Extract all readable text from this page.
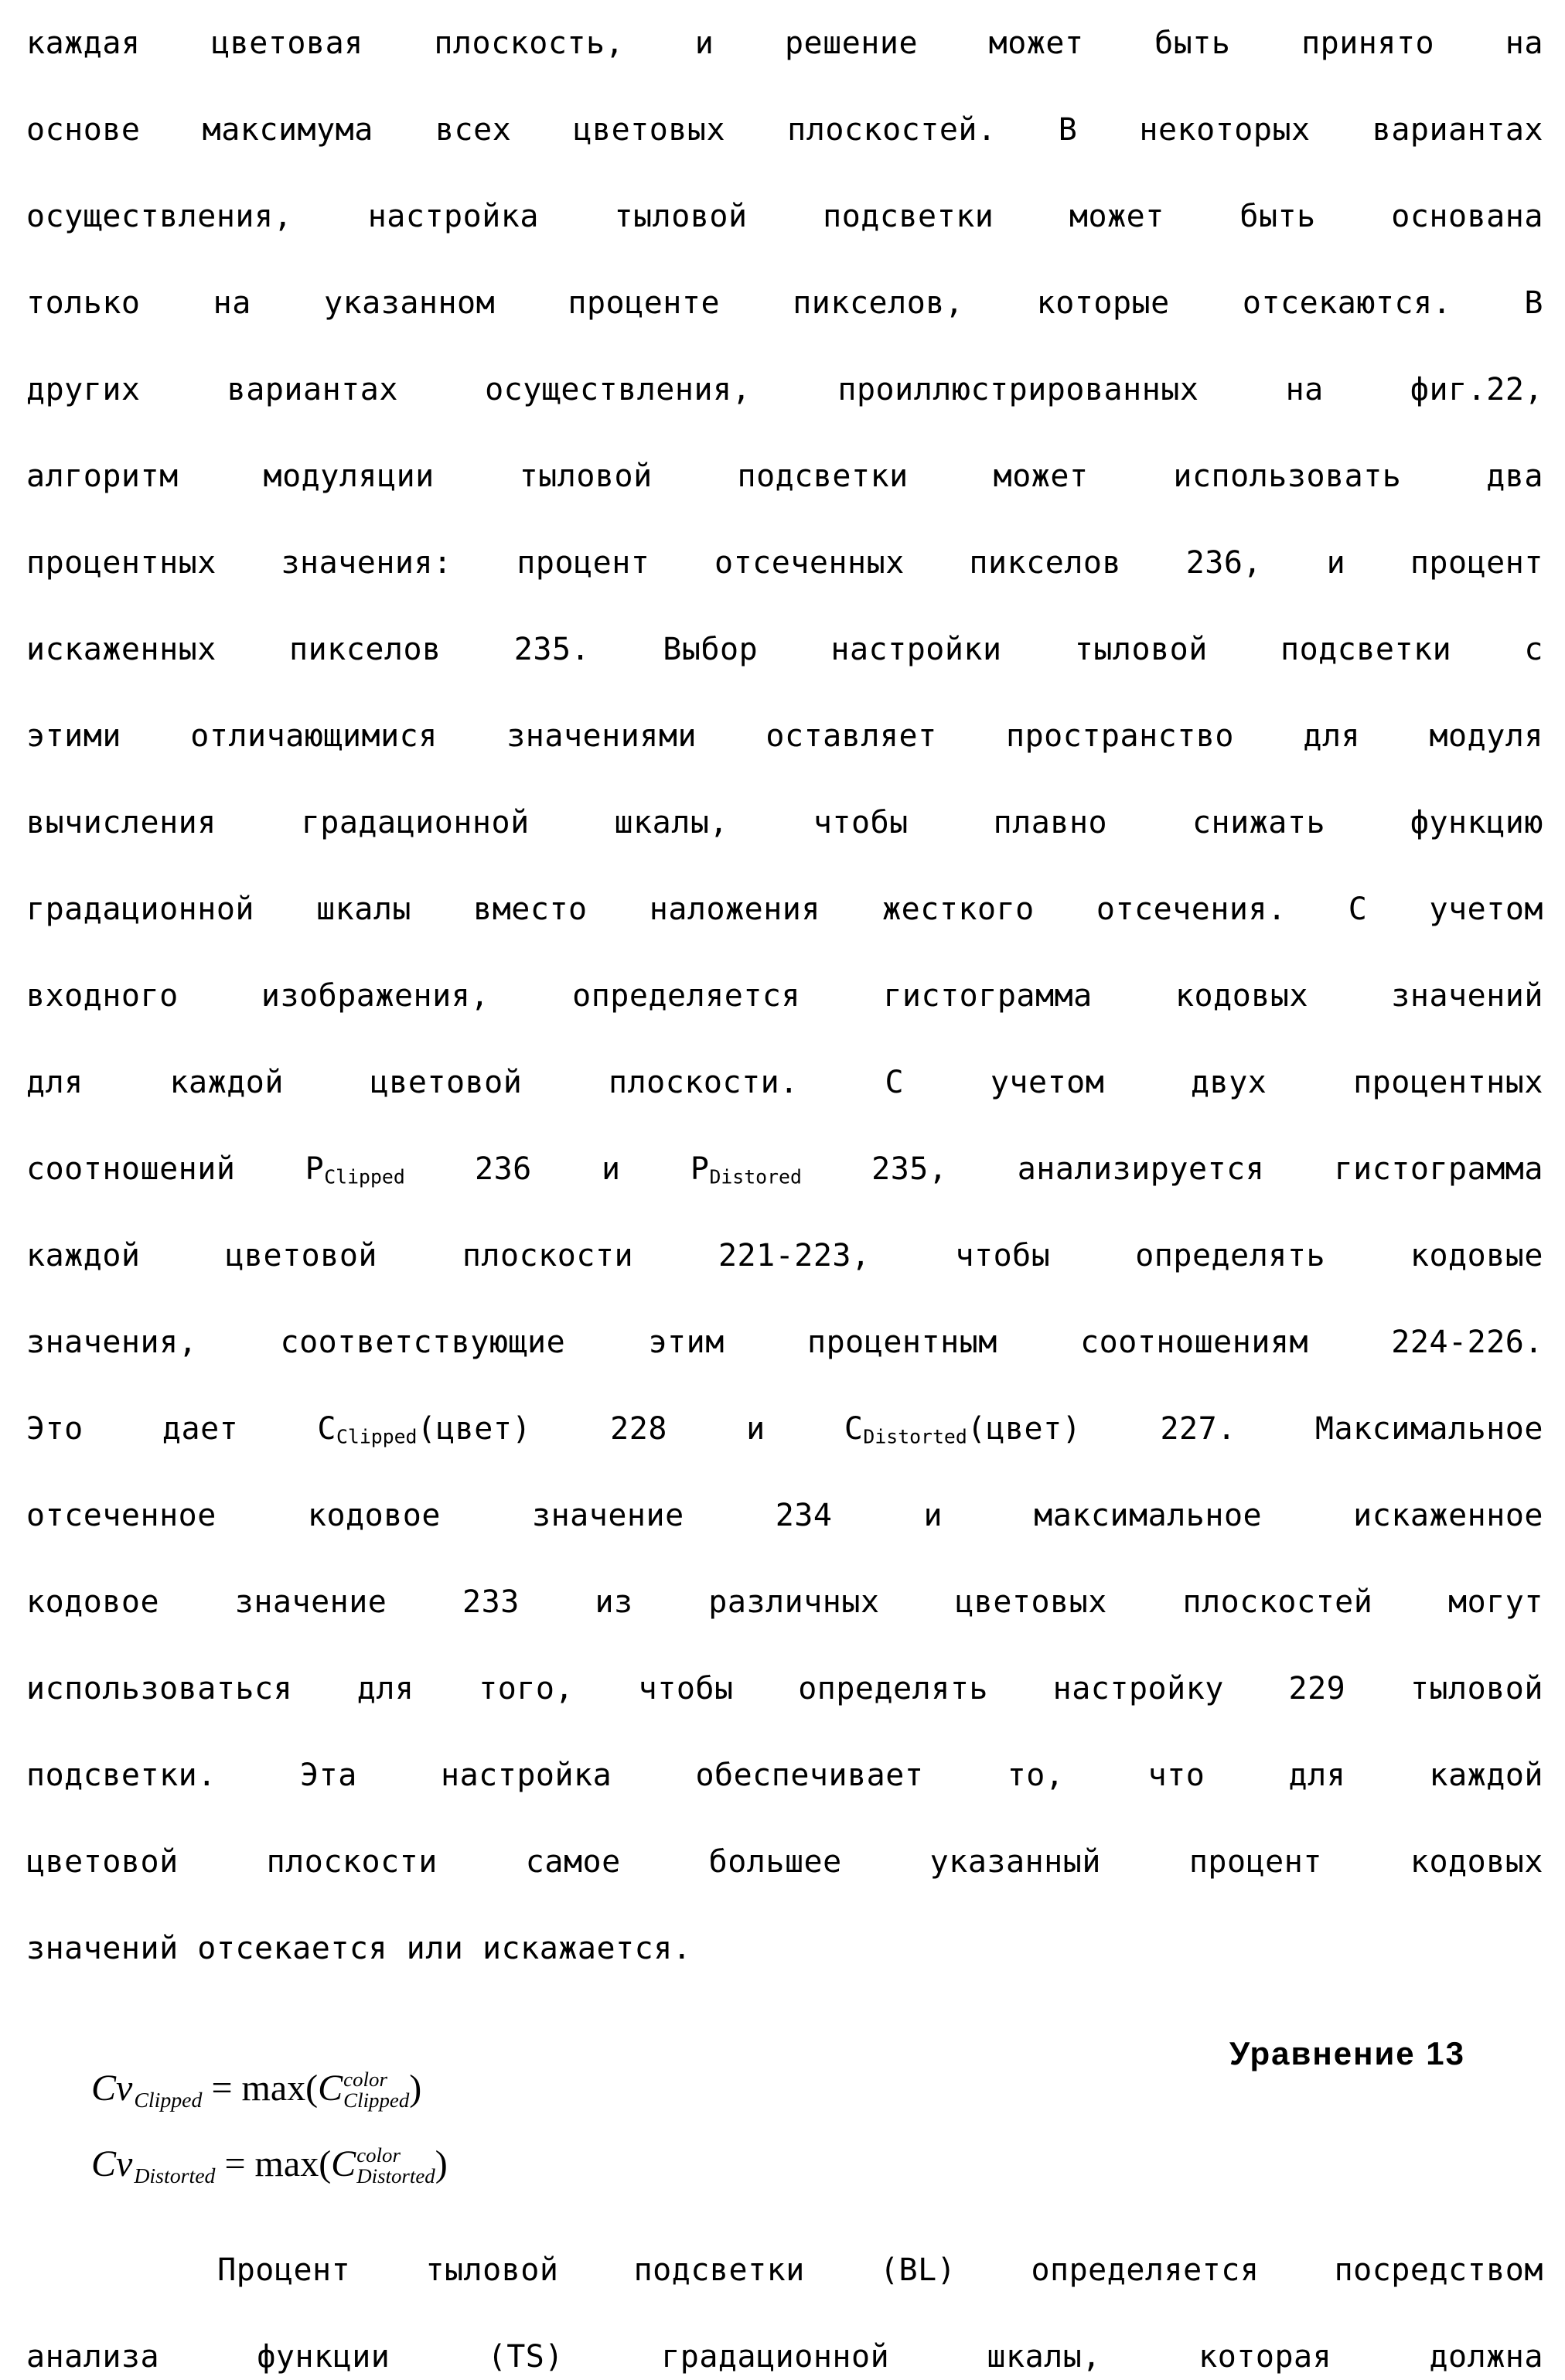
каждая цветовая плоскость, и решение может быть принято на
основе максимума всех цветовых плоскостей. В некоторых вариантах
осуществления, настройка тыловой подсветки может быть основана
только на указанном проценте пикселов, которые отсекаются. В
других	вариантах	осуществления,	проиллюстрированных	на	фиг.22,
алгоритм	модуляции	тыловой	подсветки	может	использовать	два
процентных значения: процент отсеченных пикселов 236, и процент
искаженных пикселов 235. Выбор настройки тыловой подсветки с
этими отличающимися значениями оставляет пространство для модуля
вычисления	градационной	шкалы,	чтобы	плавно	снижать	функцию
градационной шкалы вместо наложения жесткого отсечения. С учетом
входного	изображения,	определяется	гистограмма	кодовых	значений
для	каждой	цветовой	плоскости.	С	учетом	двух	процентных
соотношений $P_{Clipped}$ 236 и $P_{Distored}$ 235, анализируется гистограмма
каждой	цветовой	плоскости	221-223,	чтобы	определять	кодовые
значения,	соответствующие	этим	процентным	соотношениям	224-226.
Это	дает	$C_{Clipped}(цвет)$	228	и	$C_{Distorted}(цвет)$	227.	Максимальное
отсеченное	кодовое	значение	234	и	максимальное	искаженное
кодовое значение 233 из различных цветовых плоскостей могут
использоваться для того, чтобы определять настройку 229 тыловой
подсветки.	Эта	настройка	обеспечивает	то,	что	для	каждой
цветовой	плоскости	самое	большее	указанный	процент	кодовых
значений отсекается или искажается.
Уравнение 13
CvClipped = max(C color
Clipped )
CvDistorted = max(C color
Distorted )
Процент тыловой подсветки (BL) определяется посредством
анализа	функции	(TS)	градационной	шкалы,	которая	должна
